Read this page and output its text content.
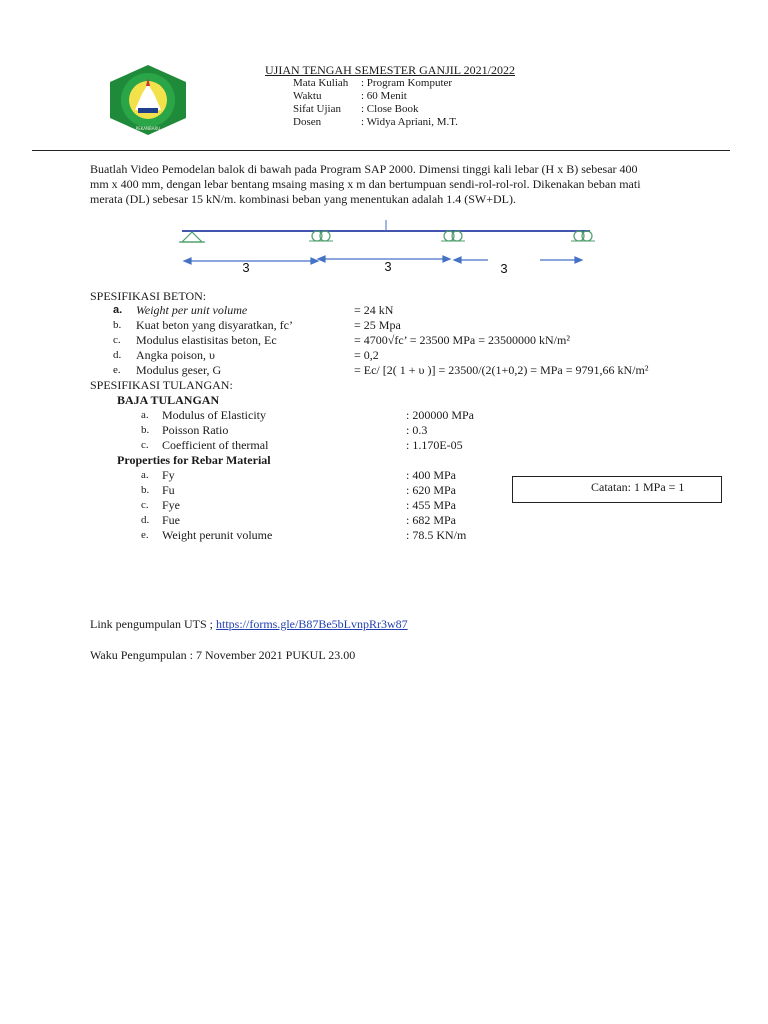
PEKANBARU
UJIAN TENGAH SEMESTER GANJIL 2021/2022
Mata Kuliah : Program Komputer
Waktu	: 60 Menit
Sifat Ujian : Close Book
Dosen	: Widya Apriani, M.T.
Buatlah Video Pemodelan balok di bawah pada Program SAP 2000. Dimensi tinggi kali lebar (H x B) sebesar 400
mm x 400 mm, dengan lebar bentang msaing masing x m dan bertumpuan sendi-rol-rol-rol. Dikenakan beban mati
merata (DL) sebesar 15 kN/m. kombinasi beban yang menentukan adalah 1.4 (SW+DL).
3	3	3
SPESIFIKASI BETON:
a. Weight per unit volume	= 24 kN
b. Kuat beton yang disyaratkan, fc’	= 25 Mpa
c. Modulus elastisitas beton, Ec	= 4700√fc’ = 23500 MPa = 23500000 kN/m²
d. Angka poison, υ	= 0,2
e. Modulus geser, G	= Ec/ [2( 1 + υ )] = 23500/(2(1+0,2) = MPa = 9791,66 kN/m²
SPESIFIKASI TULANGAN:
BAJA TULANGAN
a. Modulus of Elasticity	: 200000 MPa
b. Poisson Ratio	: 0.3
c. Coefficient of thermal	: 1.170E-05
Properties for Rebar Material
a. Fy	: 400 MPa
b. Fu	: 620 MPa
c. Fye	: 455 MPa
d. Fue	: 682 MPa
e. Weight perunit volume	: 78.5 KN/m
Catatan: 1 MPa = 1
Link pengumpulan UTS ; https://forms.gle/B87Be5bLvnpRr3w87
Waku Pengumpulan : 7 November 2021 PUKUL 23.00
